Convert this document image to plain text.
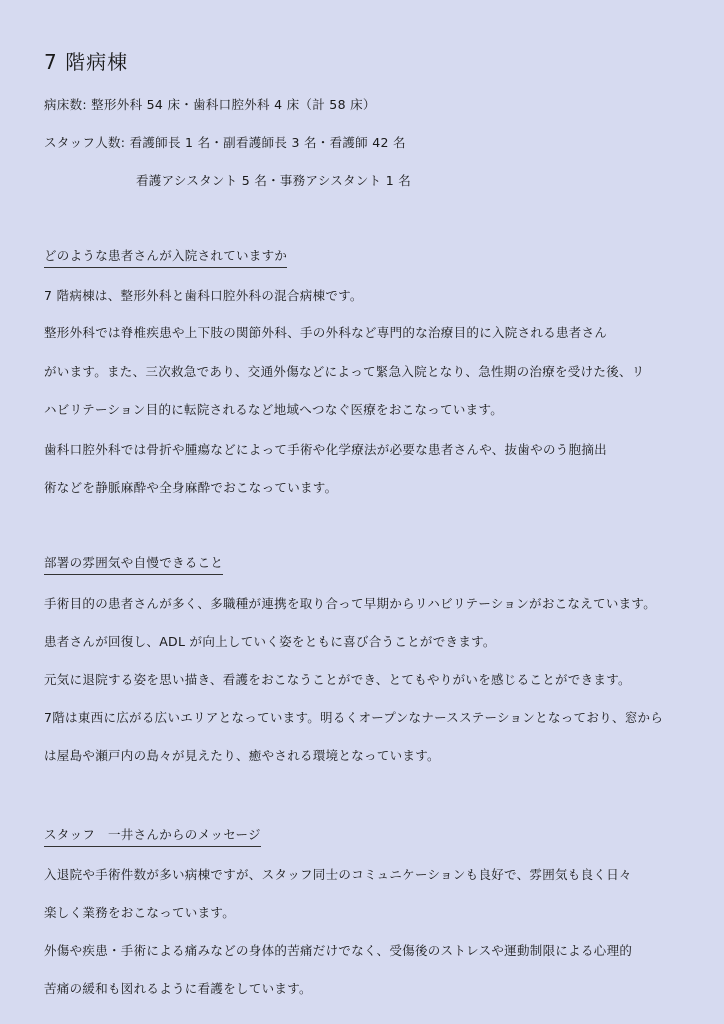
7 階病棟
病床数: 整形外科 54 床・歯科口腔外科 4 床（計 58 床）
スタッフ人数: 看護師長 1 名・副看護師長 3 名・看護師 42 名
看護アシスタント 5 名・事務アシスタント 1 名
どのような患者さんが入院されていますか
7 階病棟は、整形外科と歯科口腔外科の混合病棟です。
整形外科では脊椎疾患や上下肢の関節外科、手の外科など専門的な治療目的に入院される患者さん
がいます。また、三次救急であり、交通外傷などによって緊急入院となり、急性期の治療を受けた後、リ
ハビリテーション目的に転院されるなど地域へつなぐ医療をおこなっています。
歯科口腔外科では骨折や腫瘍などによって手術や化学療法が必要な患者さんや、抜歯やのう胞摘出
術などを静脈麻酔や全身麻酔でおこなっています。
部署の雰囲気や自慢できること
手術目的の患者さんが多く、多職種が連携を取り合って早期からリハビリテーションがおこなえています。
患者さんが回復し、ADL が向上していく姿をともに喜び合うことができます。
元気に退院する姿を思い描き、看護をおこなうことができ、とてもやりがいを感じることができます。
7階は東西に広がる広いエリアとなっています。明るくオープンなナースステーションとなっており、窓から
は屋島や瀬戸内の島々が見えたり、癒やされる環境となっています。
スタッフ　一井さんからのメッセージ
入退院や手術件数が多い病棟ですが、スタッフ同士のコミュニケーションも良好で、雰囲気も良く日々
楽しく業務をおこなっています。
外傷や疾患・手術による痛みなどの身体的苦痛だけでなく、受傷後のストレスや運動制限による心理的
苦痛の緩和も図れるように看護をしています。
